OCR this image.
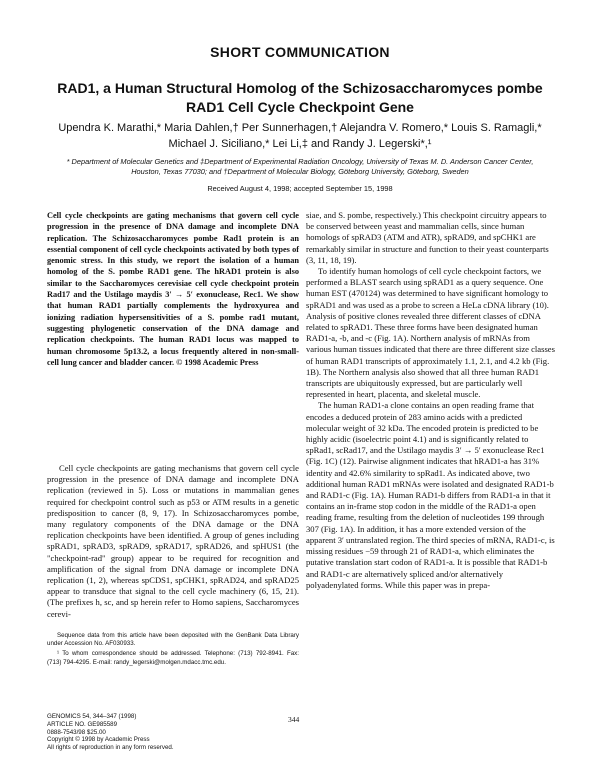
SHORT COMMUNICATION
RAD1, a Human Structural Homolog of the Schizosaccharomyces pombe RAD1 Cell Cycle Checkpoint Gene
Upendra K. Marathi,* Maria Dahlen,† Per Sunnerhagen,† Alejandra V. Romero,* Louis S. Ramagli,* Michael J. Siciliano,* Lei Li,‡ and Randy J. Legerski*,¹
* Department of Molecular Genetics and ‡Department of Experimental Radiation Oncology, University of Texas M. D. Anderson Cancer Center, Houston, Texas 77030; and †Department of Molecular Biology, Göteborg University, Göteborg, Sweden
Received August 4, 1998; accepted September 15, 1998

Cell cycle checkpoints are gating mechanisms that govern cell cycle progression in the presence of DNA damage and incomplete DNA replication. The Schizosaccharomyces pombe Rad1 protein is an essential component of cell cycle checkpoints activated by both types of genomic stress. In this study, we report the isolation of a human homolog of the S. pombe RAD1 gene. The hRAD1 protein is also similar to the Saccharomyces cerevisiae cell cycle checkpoint protein Rad17 and the Ustilago maydis 3′ → 5′ exonuclease, Rec1. We show that human RAD1 partially complements the hydroxyurea and ionizing radiation hypersensitivities of a S. pombe rad1 mutant, suggesting phylogenetic conservation of the DNA damage and replication checkpoints. The human RAD1 locus was mapped to human chromosome 5p13.2, a locus frequently altered in non-small-cell lung cancer and bladder cancer. © 1998 Academic Press

Cell cycle checkpoints are gating mechanisms that govern cell cycle progression in the presence of DNA damage and incomplete DNA replication (reviewed in 5). Loss or mutations in mammalian genes required for checkpoint control such as p53 or ATM results in a genetic predisposition to cancer (8, 9, 17). In Schizosaccharomyces pombe, many regulatory components of the DNA damage or the DNA replication checkpoints have been identified. A group of genes including spRAD1, spRAD3, spRAD9, spRAD17, spRAD26, and spHUS1 (the "checkpoint-rad" group) appear to be required for recognition and amplification of the signal from DNA damage or incomplete DNA replication (1, 2), whereas spCDS1, spCHK1, spRAD24, and spRAD25 appear to transduce that signal to the cell cycle machinery (6, 15, 21). (The prefixes h, sc, and sp herein refer to Homo sapiens, Saccharomyces cerevi-

Sequence data from this article have been deposited with the GenBank Data Library under Accession No. AF030933.

¹ To whom correspondence should be addressed. Telephone: (713) 792-8941. Fax: (713) 794-4295. E-mail: randy_legerski@molgen.mdacc.tmc.edu.

GENOMICS 54, 344–347 (1998)
ARTICLE NO. GE985589
0888-7543/98 $25.00
Copyright © 1998 by Academic Press
All rights of reproduction in any form reserved.
344

siae, and S. pombe, respectively.) This checkpoint circuitry appears to be conserved between yeast and mammalian cells, since human homologs of spRAD3 (ATM and ATR), spRAD9, and spCHK1 are remarkably similar in structure and function to their yeast counterparts (3, 11, 18, 19).

To identify human homologs of cell cycle checkpoint factors, we performed a BLAST search using spRAD1 as a query sequence. One human EST (470124) was determined to have significant homology to spRAD1 and was used as a probe to screen a HeLa cDNA library (10). Analysis of positive clones revealed three different classes of cDNA related to spRAD1. These three forms have been designated human RAD1-a, -b, and -c (Fig. 1A). Northern analysis of mRNAs from various human tissues indicated that there are three different size classes of human RAD1 transcripts of approximately 1.1, 2.1, and 4.2 kb (Fig. 1B). The Northern analysis also showed that all three human RAD1 transcripts are ubiquitously expressed, but are particularly well represented in heart, placenta, and skeletal muscle.

The human RAD1-a clone contains an open reading frame that encodes a deduced protein of 283 amino acids with a predicted molecular weight of 32 kDa. The encoded protein is predicted to be highly acidic (isoelectric point 4.1) and is significantly related to spRad1, scRad17, and the Ustilago maydis 3′ → 5′ exonuclease Rec1 (Fig. 1C) (12). Pairwise alignment indicates that hRAD1-a has 31% identity and 42.6% similarity to spRad1. As indicated above, two additional human RAD1 mRNAs were isolated and designated RAD1-b and RAD1-c (Fig. 1A). Human RAD1-b differs from RAD1-a in that it contains an in-frame stop codon in the middle of the RAD1-a open reading frame, resulting from the deletion of nucleotides 199 through 307 (Fig. 1A). In addition, it has a more extended version of the apparent 3′ untranslated region. The third species of mRNA, RAD1-c, is missing residues −59 through 21 of RAD1-a, which eliminates the putative translation start codon of RAD1-a. It is possible that RAD1-b and RAD1-c are alternatively spliced and/or alternatively polyadenylated forms. While this paper was in prepa-
